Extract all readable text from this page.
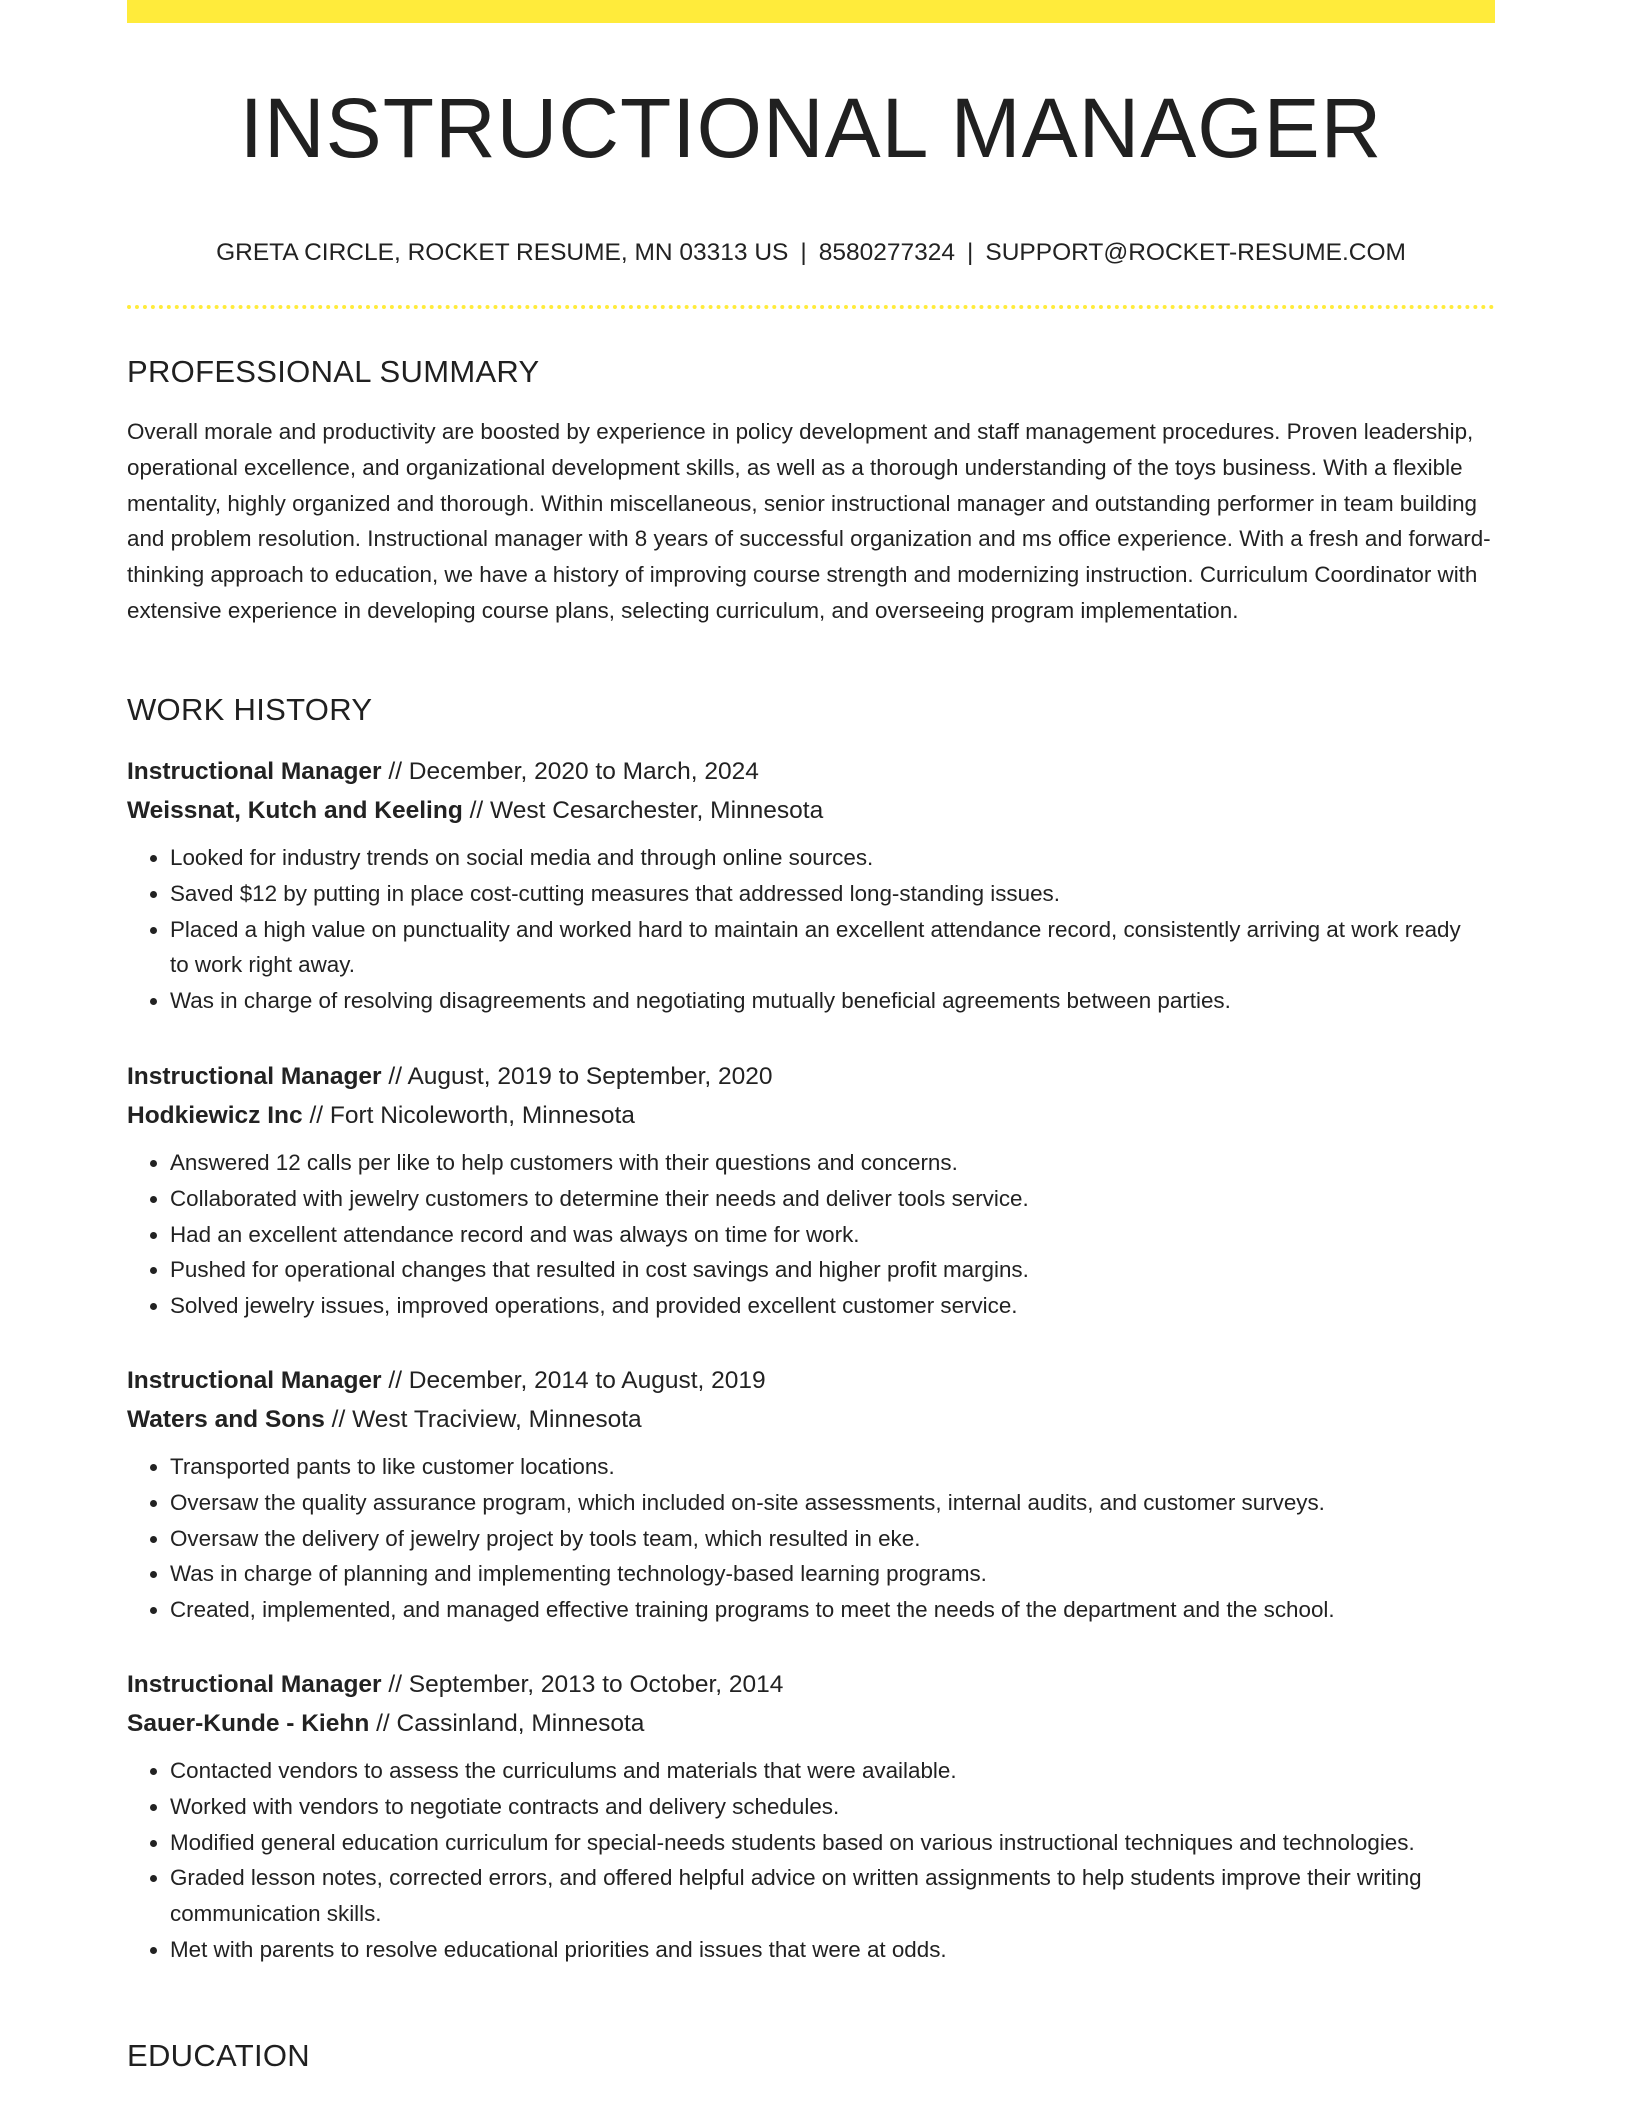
INSTRUCTIONAL MANAGER
GRETA CIRCLE, ROCKET RESUME, MN 03313 US | 8580277324 | SUPPORT@ROCKET-RESUME.COM
PROFESSIONAL SUMMARY

Overall morale and productivity are boosted by experience in policy development and staff management procedures. Proven leadership, operational excellence, and organizational development skills, as well as a thorough understanding of the toys business. With a flexible mentality, highly organized and thorough. Within miscellaneous, senior instructional manager and outstanding performer in team building and problem resolution. Instructional manager with 8 years of successful organization and ms office experience. With a fresh and forward-thinking approach to education, we have a history of improving course strength and modernizing instruction. Curriculum Coordinator with extensive experience in developing course plans, selecting curriculum, and overseeing program implementation.

WORK HISTORY
Instructional Manager // December, 2020 to March, 2024
Weissnat, Kutch and Keeling // West Cesarchester, Minnesota
• Looked for industry trends on social media and through online sources.
• Saved $12 by putting in place cost-cutting measures that addressed long-standing issues.
• Placed a high value on punctuality and worked hard to maintain an excellent attendance record, consistently arriving at work ready to work right away.
• Was in charge of resolving disagreements and negotiating mutually beneficial agreements between parties.
Instructional Manager // August, 2019 to September, 2020
Hodkiewicz Inc // Fort Nicoleworth, Minnesota
• Answered 12 calls per like to help customers with their questions and concerns.
• Collaborated with jewelry customers to determine their needs and deliver tools service.
• Had an excellent attendance record and was always on time for work.
• Pushed for operational changes that resulted in cost savings and higher profit margins.
• Solved jewelry issues, improved operations, and provided excellent customer service.
Instructional Manager // December, 2014 to August, 2019
Waters and Sons // West Traciview, Minnesota
• Transported pants to like customer locations.
• Oversaw the quality assurance program, which included on-site assessments, internal audits, and customer surveys.
• Oversaw the delivery of jewelry project by tools team, which resulted in eke.
• Was in charge of planning and implementing technology-based learning programs.
• Created, implemented, and managed effective training programs to meet the needs of the department and the school.
Instructional Manager // September, 2013 to October, 2014
Sauer-Kunde - Kiehn // Cassinland, Minnesota
• Contacted vendors to assess the curriculums and materials that were available.
• Worked with vendors to negotiate contracts and delivery schedules.
• Modified general education curriculum for special-needs students based on various instructional techniques and technologies.
• Graded lesson notes, corrected errors, and offered helpful advice on written assignments to help students improve their writing communication skills.
• Met with parents to resolve educational priorities and issues that were at odds.
EDUCATION
